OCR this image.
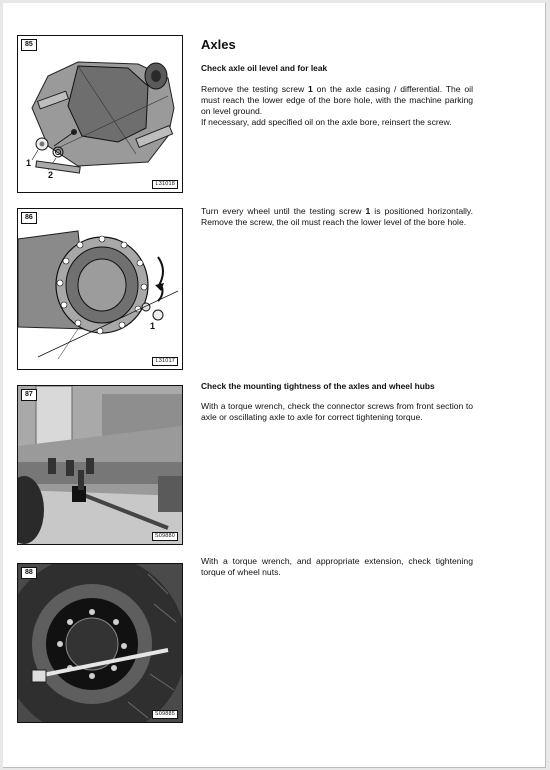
Axles
85
1
2
L31018

Check axle oil level and for leak

Remove the testing screw 1 on the axle casing / differential. The oil must reach the lower edge of the bore hole, with the machine parking on level ground.

If necessary, add specified oil on the axle bore, reinsert the screw.

86
1
L31017

Turn every wheel until the testing screw 1 is positioned horizontally. Remove the screw, the oil must reach the lower level of the bore hole.

87
S09880

Check the mounting tightness of the axles and wheel hubs

With a torque wrench, check the connector screws from front section to axle or oscillating axle to axle for correct tightening torque.

88
S09885

With a torque wrench, and appropriate extension, check tightening torque of wheel nuts.
